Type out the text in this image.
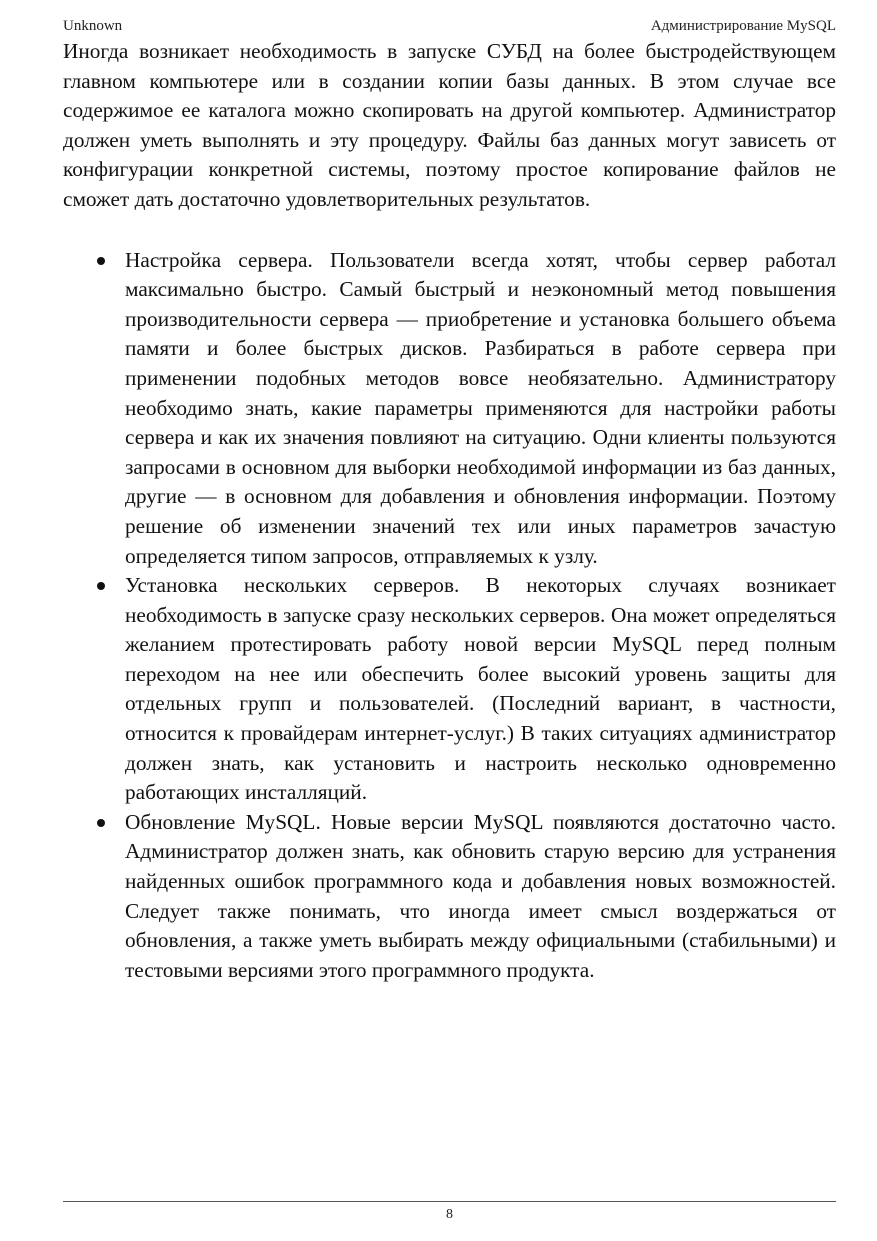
Unknown	Администрирование MySQL

Иногда возникает необходимость в запуске СУБД на более быстродействующем главном компьютере или в создании копии базы данных. В этом случае все содержимое ее каталога можно скопировать на другой компьютер. Администратор должен уметь выполнять и эту процедуру. Файлы баз данных могут зависеть от конфигурации конкретной системы, поэтому простое копирование файлов не сможет дать достаточно удовлетворительных результатов.

Настройка сервера. Пользователи всегда хотят, чтобы сервер работал максимально быстро. Самый быстрый и неэкономный метод повышения производительности сервера — приобретение и установка большего объема памяти и более быстрых дисков. Разбираться в работе сервера при применении подобных методов вовсе необязательно. Администратору необходимо знать, какие параметры применяются для настройки работы сервера и как их значения повлияют на ситуацию. Одни клиенты пользуются запросами в основном для выборки необходимой информации из баз данных, другие — в основном для добавления и обновления информации. Поэтому решение об изменении значений тех или иных параметров зачастую определяется типом запросов, отправляемых к узлу.
Установка нескольких серверов. В некоторых случаях возникает необходимость в запуске сразу нескольких серверов. Она может определяться желанием протестировать работу новой версии MySQL перед полным переходом на нее или обеспечить более высокий уровень защиты для отдельных групп и пользователей. (Последний вариант, в частности, относится к провайдерам интернет-услуг.) В таких ситуациях администратор должен знать, как установить и настроить несколько одновременно работающих инсталляций.
Обновление MySQL. Новые версии MySQL появляются достаточно часто. Администратор должен знать, как обновить старую версию для устранения найденных ошибок программного кода и добавления новых возможностей. Следует также понимать, что иногда имеет смысл воздержаться от обновления, а также уметь выбирать между официальными (стабильными) и тестовыми версиями этого программного продукта.
8
